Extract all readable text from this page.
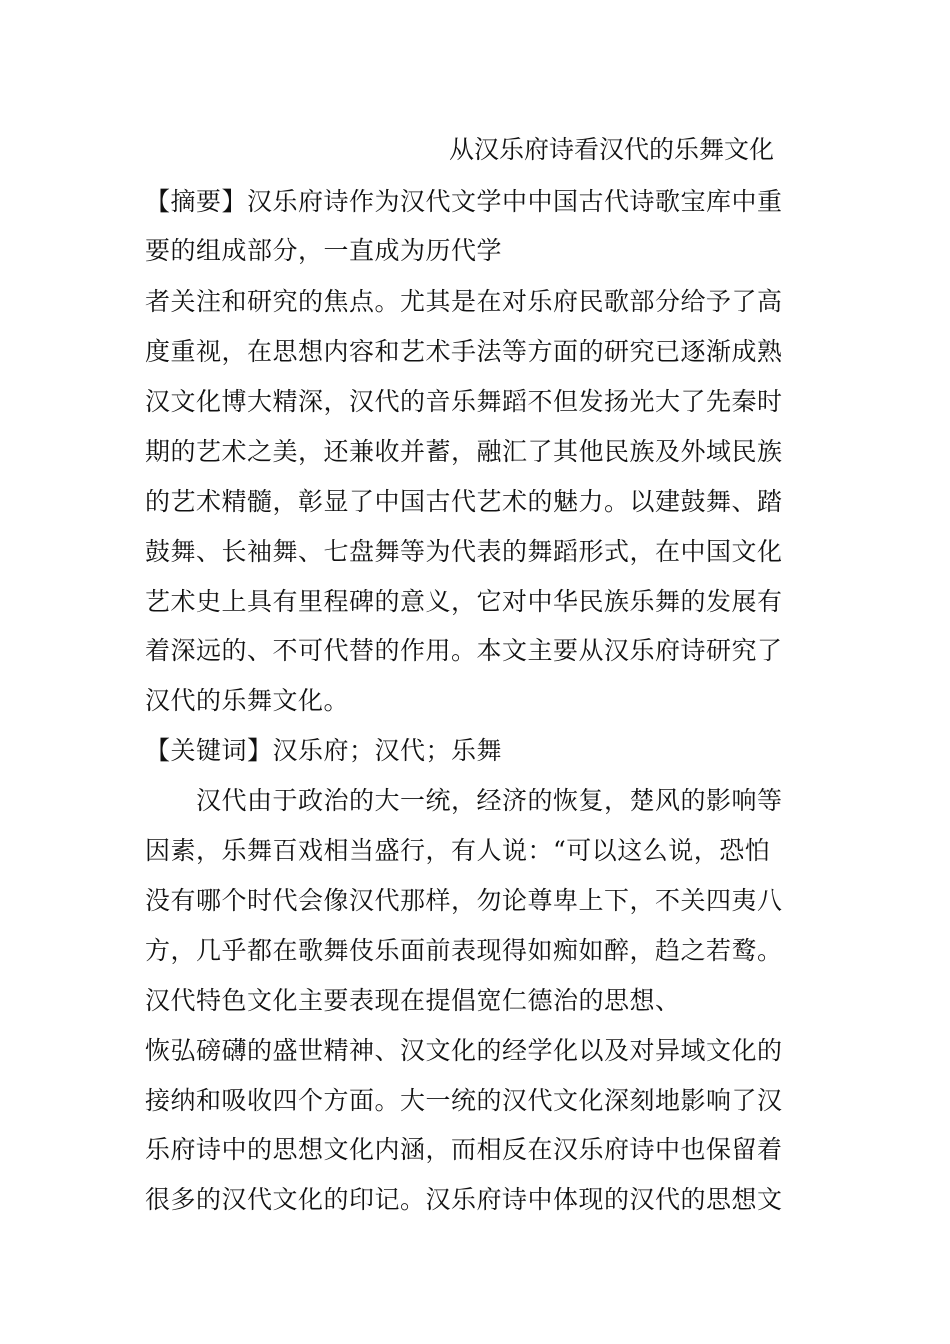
从汉乐府诗看汉代的乐舞文化
【摘要】汉乐府诗作为汉代文学中中国古代诗歌宝库中重
要的组成部分，一直成为历代学
者关注和研究的焦点。尤其是在对乐府民歌部分给予了高
度重视，在思想内容和艺术手法等方面的研究已逐渐成熟
汉文化博大精深，汉代的音乐舞蹈不但发扬光大了先秦时
期的艺术之美，还兼收并蓄，融汇了其他民族及外域民族
的艺术精髓，彰显了中国古代艺术的魅力。以建鼓舞、踏
鼓舞、长袖舞、七盘舞等为代表的舞蹈形式，在中国文化
艺术史上具有里程碑的意义，它对中华民族乐舞的发展有
着深远的、不可代替的作用。本文主要从汉乐府诗研究了
汉代的乐舞文化。
【关键词】汉乐府；汉代；乐舞
　　汉代由于政治的大一统，经济的恢复，楚风的影响等
因素，乐舞百戏相当盛行，有人说：“可以这么说，恐怕
没有哪个时代会像汉代那样，勿论尊卑上下，不关四夷八
方，几乎都在歌舞伎乐面前表现得如痴如醉，趋之若鹜。
汉代特色文化主要表现在提倡宽仁德治的思想、
恢弘磅礴的盛世精神、汉文化的经学化以及对异域文化的
接纳和吸收四个方面。大一统的汉代文化深刻地影响了汉
乐府诗中的思想文化内涵，而相反在汉乐府诗中也保留着
很多的汉代文化的印记。汉乐府诗中体现的汉代的思想文
